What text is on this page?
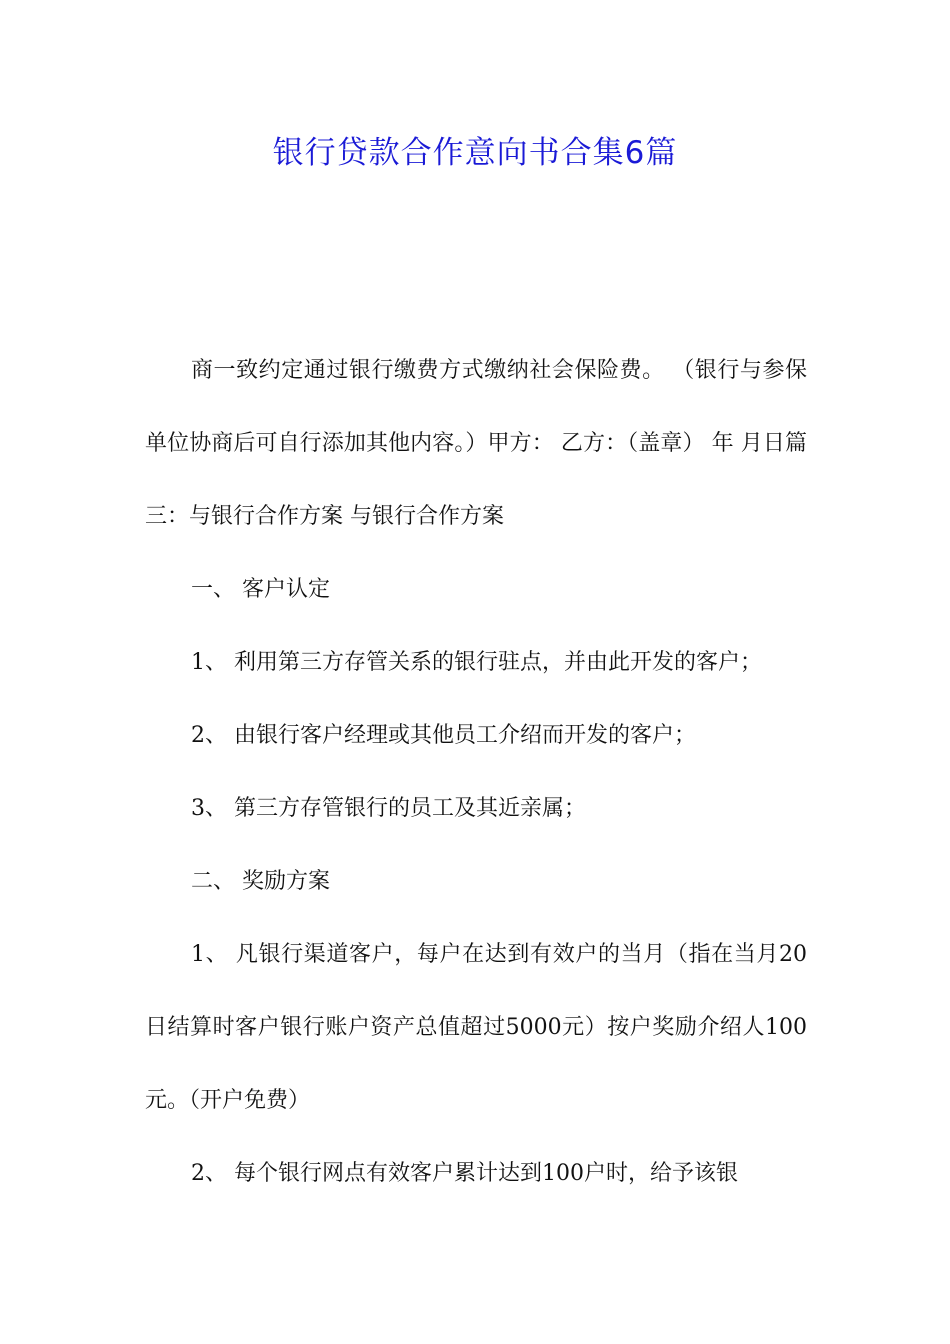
银行贷款合作意向书合集6篇

商一致约定通过银行缴费方式缴纳社会保险费。 （银行与参保单位协商后可自行添加其他内容。）甲方： 乙方：（盖章） 年 月日篇三：与银行合作方案 与银行合作方案

一、 客户认定

1、 利用第三方存管关系的银行驻点，并由此开发的客户；

2、 由银行客户经理或其他员工介绍而开发的客户；

3、 第三方存管银行的员工及其近亲属；

二、 奖励方案

1、 凡银行渠道客户，每户在达到有效户的当月（指在当月20日结算时客户银行账户资产总值超过5000元）按户奖励介绍人100元。（开户免费）

2、 每个银行网点有效客户累计达到100户时，给予该银
